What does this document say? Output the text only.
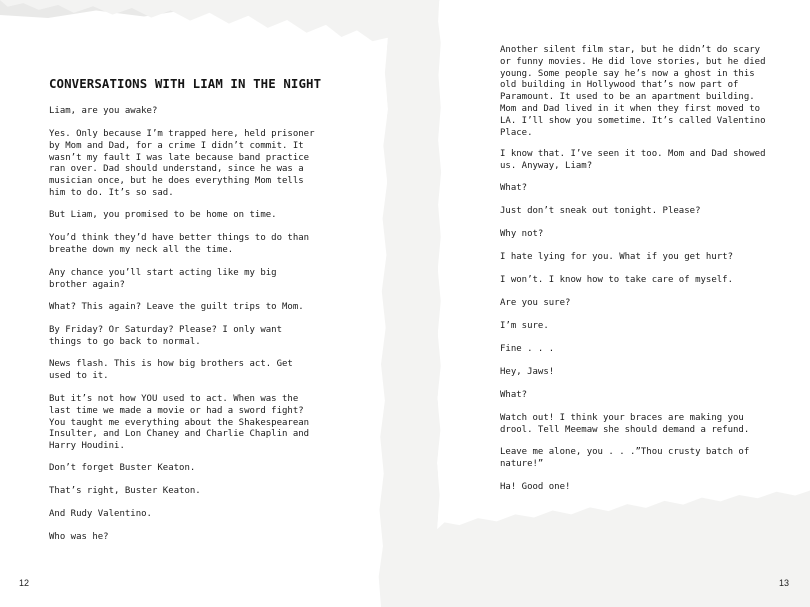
CONVERSATIONS WITH LIAM IN THE NIGHT
Liam, are you awake?
Yes. Only because I’m trapped here, held prisoner
by Mom and Dad, for a crime I didn’t commit. It
wasn’t my fault I was late because band practice
ran over. Dad should understand, since he was a
musician once, but he does everything Mom tells
him to do. It’s so sad.
But Liam, you promised to be home on time.
You’d think they’d have better things to do than
breathe down my neck all the time.
Any chance you’ll start acting like my big
brother again?
What? This again? Leave the guilt trips to Mom.
By Friday? Or Saturday? Please? I only want
things to go back to normal.
News flash. This is how big brothers act. Get
used to it.
But it’s not how YOU used to act. When was the
last time we made a movie or had a sword fight?
You taught me everything about the Shakespearean
Insulter, and Lon Chaney and Charlie Chaplin and
Harry Houdini.
Don’t forget Buster Keaton.
That’s right, Buster Keaton.
And Rudy Valentino.
Who was he?
Another silent film star, but he didn’t do scary
or funny movies. He did love stories, but he died
young. Some people say he’s now a ghost in this
old building in Hollywood that’s now part of
Paramount. It used to be an apartment building.
Mom and Dad lived in it when they first moved to
LA. I’ll show you sometime. It’s called Valentino
Place.
I know that. I’ve seen it too. Mom and Dad showed
us. Anyway, Liam?
What?
Just don’t sneak out tonight. Please?
Why not?
I hate lying for you. What if you get hurt?
I won’t. I know how to take care of myself.
Are you sure?
I’m sure.
Fine . . .
Hey, Jaws!
What?
Watch out! I think your braces are making you
drool. Tell Meemaw she should demand a refund.
Leave me alone, you . . .”Thou crusty batch of
nature!”
Ha! Good one!
12	13
